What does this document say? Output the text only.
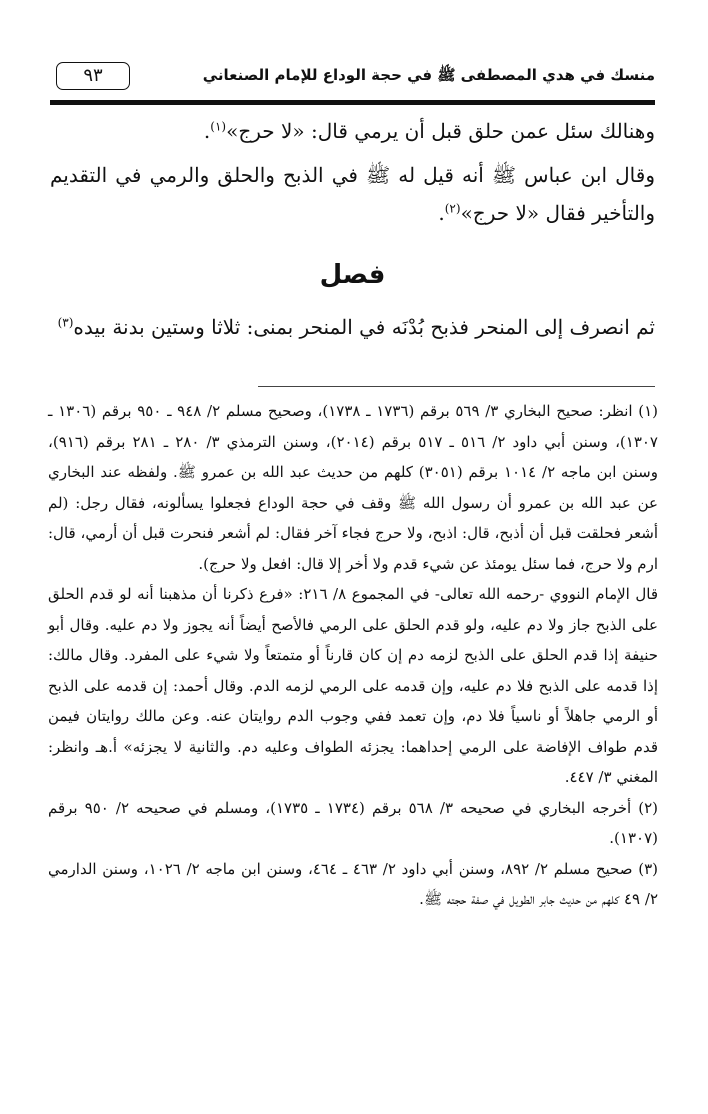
منسك في هدي المصطفى ﷺ في حجة الوداع للإمام الصنعاني
٩٣

وهنالك سئل عمن حلق قبل أن يرمي قال: «لا حرج»$^{(١)}$.

وقال ابن عباس ﷺ أنه قيل له ﷺ في الذبح والحلق والرمي في التقديم والتأخير فقال «لا حرج»$^{(٢)}$.

فصل

ثم انصرف إلى المنحر فذبح بُدْنَه في المنحر بمنى: ثلاثا وستين بدنة بيده$^{(٣)}$

(١) انظر: صحيح البخاري ٣/ ٥٦٩ برقم (١٧٣٦ ـ ١٧٣٨)، وصحيح مسلم ٢/ ٩٤٨ ـ ٩٥٠ برقم (١٣٠٦ ـ ١٣٠٧)، وسنن أبي داود ٢/ ٥١٦ ـ ٥١٧ برقم (٢٠١٤)، وسنن الترمذي ٣/ ٢٨٠ ـ ٢٨١ برقم (٩١٦)، وسنن ابن ماجه ٢/ ١٠١٤ برقم (٣٠٥١) كلهم من حديث عبد الله بن عمرو ﷺ. ولفظه عند البخاري عن عبد الله بن عمرو أن رسول الله ﷺ وقف في حجة الوداع فجعلوا يسألونه، فقال رجل: (لم أشعر فحلقت قبل أن أذبح، قال: اذبح، ولا حرج فجاء آخر فقال: لم أشعر فنحرت قبل أن أرمي، قال: ارم ولا حرج، فما سئل يومئذ عن شيء قدم ولا أخر إلا قال: افعل ولا حرج).

قال الإمام النووي -رحمه الله تعالى- في المجموع ٨/ ٢١٦: «فرع ذكرنا أن مذهبنا أنه لو قدم الحلق على الذبح جاز ولا دم عليه، ولو قدم الحلق على الرمي فالأصح أيضاً أنه يجوز ولا دم عليه. وقال أبو حنيفة إذا قدم الحلق على الذبح لزمه دم إن كان قارناً أو متمتعاً ولا شيء على المفرد. وقال مالك: إذا قدمه على الذبح فلا دم عليه، وإن قدمه على الرمي لزمه الدم. وقال أحمد: إن قدمه على الذبح أو الرمي جاهلاً أو ناسياً فلا دم، وإن تعمد ففي وجوب الدم روايتان عنه. وعن مالك روايتان فيمن قدم طواف الإفاضة على الرمي إحداهما: يجزئه الطواف وعليه دم. والثانية لا يجزئه» أ.هـ وانظر: المغني ٣/ ٤٤٧.

(٢) أخرجه البخاري في صحيحه ٣/ ٥٦٨ برقم (١٧٣٤ ـ ١٧٣٥)، ومسلم في صحيحه ٢/ ٩٥٠ برقم (١٣٠٧).

(٣) صحيح مسلم ٢/ ٨٩٢، وسنن أبي داود ٢/ ٤٦٣ ـ ٤٦٤، وسنن ابن ماجه ٢/ ١٠٢٦، وسنن الدارمي ٢/ ٤٩ كلهم من حديث جابر الطويل في صفة حجته ﷺ.
